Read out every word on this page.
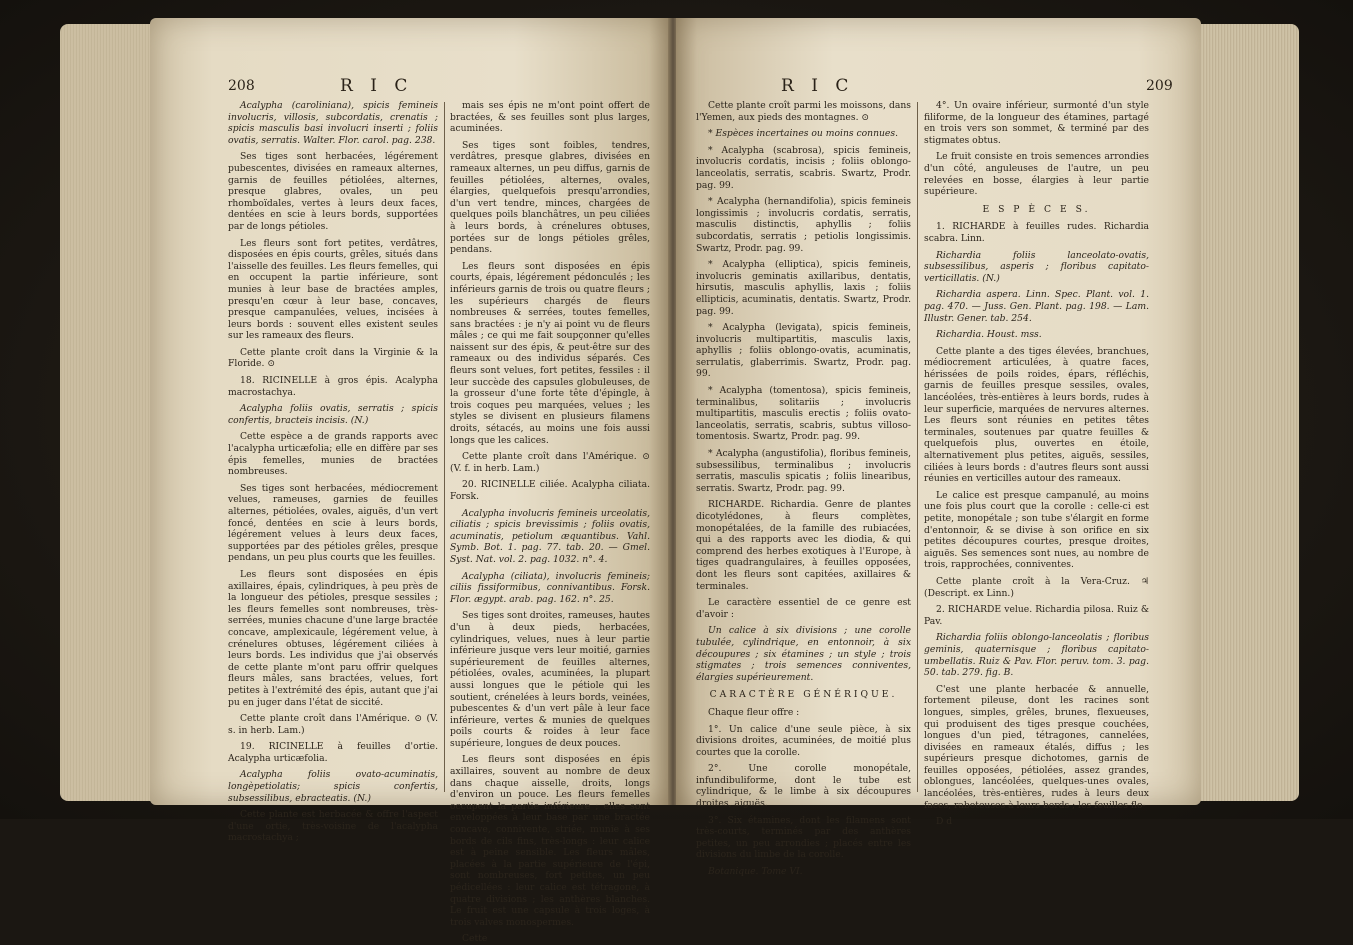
208	R I C

Acalypha (caroliniana), spicis femineis involucris, villosis, subcordatis, crenatis ; spicis masculis basi involucri inserti ; foliis ovatis, serratis. Walter. Flor. carol. pag. 238.

Ses tiges sont herbacées, légérement pubescentes, divisées en rameaux alternes, garnis de feuilles pétiolées, alternes, presque glabres, ovales, un peu rhomboïdales, vertes à leurs deux faces, dentées en scie à leurs bords, supportées par de longs pétioles.

Les fleurs sont fort petites, verdâtres, disposées en épis courts, grêles, situés dans l'aisselle des feuilles. Les fleurs femelles, qui en occupent la partie inférieure, sont munies à leur base de bractées amples, presqu'en cœur à leur base, concaves, presque campanulées, velues, incisées à leurs bords : souvent elles existent seules sur les rameaux des fleurs.

Cette plante croît dans la Virginie & la Floride. ⊙

18. RICINELLE à gros épis. Acalypha macrostachya.

Acalypha foliis ovatis, serratis ; spicis confertis, bracteis incisis. (N.)

Cette espèce a de grands rapports avec l'acalypha urticæfolia; elle en diffère par ses épis femelles, munies de bractées nombreuses.

Ses tiges sont herbacées, médiocrement velues, rameuses, garnies de feuilles alternes, pétiolées, ovales, aiguës, d'un vert foncé, dentées en scie à leurs bords, légérement velues à leurs deux faces, supportées par des pétioles grêles, presque pendans, un peu plus courts que les feuilles.

Les fleurs sont disposées en épis axillaires, épais, cylindriques, à peu près de la longueur des pétioles, presque sessiles ; les fleurs femelles sont nombreuses, très-serrées, munies chacune d'une large bractée concave, amplexicaule, légérement velue, à crénelures obtuses, légérement ciliées à leurs bords. Les individus que j'ai observés de cette plante m'ont paru offrir quelques fleurs mâles, sans bractées, velues, fort petites à l'extrémité des épis, autant que j'ai pu en juger dans l'état de siccité.

Cette plante croît dans l'Amérique. ⊙ (V. s. in herb. Lam.)

19. RICINELLE à feuilles d'ortie. Acalypha urticæfolia.

Acalypha foliis ovato-acuminatis, longèpetiolatis; spicis confertis, subsessilibus, ebracteatis. (N.)

Cette plante est herbacée & offre l'aspect d'une ortie, très-voisine de l'acalypha macrostachya ;

mais ses épis ne m'ont point offert de bractées, & ses feuilles sont plus larges, acuminées.

Ses tiges sont foibles, tendres, verdâtres, presque glabres, divisées en rameaux alternes, un peu diffus, garnis de feuilles pétiolées, alternes, ovales, élargies, quelquefois presqu'arrondies, d'un vert tendre, minces, chargées de quelques poils blanchâtres, un peu ciliées à leurs bords, à crénelures obtuses, portées sur de longs pétioles grêles, pendans.

Les fleurs sont disposées en épis courts, épais, légérement pédonculés ; les inférieurs garnis de trois ou quatre fleurs ; les supérieurs chargés de fleurs nombreuses & serrées, toutes femelles, sans bractées : je n'y ai point vu de fleurs mâles ; ce qui me fait soupçonner qu'elles naissent sur des épis, & peut-être sur des rameaux ou des individus séparés. Ces fleurs sont velues, fort petites, fessiles : il leur succède des capsules globuleuses, de la grosseur d'une forte tête d'épingle, à trois coques peu marquées, velues ; les styles se divisent en plusieurs filamens droits, sétacés, au moins une fois aussi longs que les calices.

Cette plante croît dans l'Amérique. ⊙ (V. f. in herb. Lam.)

20. RICINELLE ciliée. Acalypha ciliata. Forsk.

Acalypha involucris femineis urceolatis, ciliatis ; spicis brevissimis ; foliis ovatis, acuminatis, petiolum æquantibus. Vahl. Symb. Bot. 1. pag. 77. tab. 20. — Gmel. Syst. Nat. vol. 2. pag. 1032. n°. 4.

Acalypha (ciliata), involucris femineis; ciliis fissiformibus, connivantibus. Forsk. Flor. ægypt. arab. pag. 162. n°. 25.

Ses tiges sont droites, rameuses, hautes d'un à deux pieds, herbacées, cylindriques, velues, nues à leur partie inférieure jusque vers leur moitié, garnies supérieurement de feuilles alternes, pétiolées, ovales, acuminées, la plupart aussi longues que le pétiole qui les soutient, crénelées à leurs bords, veinées, pubescentes & d'un vert pâle à leur face inférieure, vertes & munies de quelques poils courts & roides à leur face supérieure, longues de deux pouces.

Les fleurs sont disposées en épis axillaires, souvent au nombre de deux dans chaque aisselle, droits, longs d'environ un pouce. Les fleurs femelles occupent la partie inférieure ; elles sont enveloppées à leur base par une bractée concave, connivente, striée, munie à ses bords de cils fins, très-longs : leur calice est à peine sensible. Les fleurs mâles, placées à la partie supérieure de l'épi, sont nombreuses, fort petites, un peu pédicellées : leur calice est tétragone, à quatre divisions ; les anthères blanches. Le fruit est une capsule à trois loges, à trois valves monospermes.

Cette

R I C	209

Cette plante croît parmi les moissons, dans l'Yemen, aux pieds des montagnes. ⊙

* Espèces incertaines ou moins connues.

* Acalypha (scabrosa), spicis femineis, involucris cordatis, incisis ; foliis oblongo-lanceolatis, serratis, scabris. Swartz, Prodr. pag. 99.

* Acalypha (hernandifolia), spicis femineis longissimis ; involucris cordatis, serratis, masculis distinctis, aphyllis ; foliis subcordatis, serratis ; petiolis longissimis. Swartz, Prodr. pag. 99.

* Acalypha (elliptica), spicis femineis, involucris geminatis axillaribus, dentatis, hirsutis, masculis aphyllis, laxis ; foliis ellipticis, acuminatis, dentatis. Swartz, Prodr. pag. 99.

* Acalypha (levigata), spicis femineis, involucris multipartitis, masculis laxis, aphyllis ; foliis oblongo-ovatis, acuminatis, serrulatis, glaberrimis. Swartz, Prodr. pag. 99.

* Acalypha (tomentosa), spicis femineis, terminalibus, solitariis ; involucris multipartitis, masculis erectis ; foliis ovato-lanceolatis, serratis, scabris, subtus villoso-tomentosis. Swartz, Prodr. pag. 99.

* Acalypha (angustifolia), floribus femineis, subsessilibus, terminalibus ; involucris serratis, masculis spicatis ; foliis linearibus, serratis. Swartz, Prodr. pag. 99.

RICHARDE. Richardia. Genre de plantes dicotylédones, à fleurs complètes, monopétalées, de la famille des rubiacées, qui a des rapports avec les diodia, & qui comprend des herbes exotiques à l'Europe, à tiges quadrangulaires, à feuilles opposées, dont les fleurs sont capitées, axillaires & terminales.

Le caractère essentiel de ce genre est d'avoir :

Un calice à six divisions ; une corolle tubulée, cylindrique, en entonnoir, à six découpures ; six étamines ; un style ; trois stigmates ; trois semences conniventes, élargies supérieurement.

CARACTÈRE GÉNÉRIQUE.

Chaque fleur offre :

1°. Un calice d'une seule pièce, à six divisions droites, acuminées, de moitié plus courtes que la corolle.

2°. Une corolle monopétale, infundibuliforme, dont le tube est cylindrique, & le limbe à six découpures droites, aiguës.

3°. Six étamines, dont les filamens sont très-courts, terminés par des anthères petites, un peu arrondies ; placés entre les divisions du limbe de la corolle.

Botanique. Tome VI.

4°. Un ovaire inférieur, surmonté d'un style filiforme, de la longueur des étamines, partagé en trois vers son sommet, & terminé par des stigmates obtus.

Le fruit consiste en trois semences arrondies d'un côté, anguleuses de l'autre, un peu relevées en bosse, élargies à leur partie supérieure.

E S P È C E S.

1. RICHARDE à feuilles rudes. Richardia scabra. Linn.

Richardia foliis lanceolato-ovatis, subsessilibus, asperis ; floribus capitato-verticillatis. (N.)

Richardia aspera. Linn. Spec. Plant. vol. 1. pag. 470. — Juss. Gen. Plant. pag. 198. — Lam. Illustr. Gener. tab. 254.

Richardia. Houst. mss.

Cette plante a des tiges élevées, branchues, médiocrement articulées, à quatre faces, hérissées de poils roides, épars, réfléchis, garnis de feuilles presque sessiles, ovales, lancéolées, très-entières à leurs bords, rudes à leur superficie, marquées de nervures alternes. Les fleurs sont réunies en petites têtes terminales, soutenues par quatre feuilles & quelquefois plus, ouvertes en étoile, alternativement plus petites, aiguës, sessiles, ciliées à leurs bords : d'autres fleurs sont aussi réunies en verticilles autour des rameaux.

Le calice est presque campanulé, au moins une fois plus court que la corolle : celle-ci est petite, monopétale ; son tube s'élargit en forme d'entonnoir, & se divise à son orifice en six petites découpures courtes, presque droites, aiguës. Ses semences sont nues, au nombre de trois, rapprochées, conniventes.

Cette plante croît à la Vera-Cruz. ♃ (Descript. ex Linn.)

2. RICHARDE velue. Richardia pilosa. Ruiz & Pav.

Richardia foliis oblongo-lanceolatis ; floribus geminis, quaternisque ; floribus capitato-umbellatis. Ruiz & Pav. Flor. peruv. tom. 3. pag. 50. tab. 279. fig. B.

C'est une plante herbacée & annuelle, fortement pileuse, dont les racines sont longues, simples, grêles, brunes, flexueuses, qui produisent des tiges presque couchées, longues d'un pied, tétragones, cannelées, divisées en rameaux étalés, diffus ; les supérieurs presque dichotomes, garnis de feuilles opposées, pétiolées, assez grandes, oblongues, lancéolées, quelques-unes ovales, lancéolées, très-entières, rudes à leurs deux faces, raboteuses à leurs bords ; les feuilles flo-

D d
